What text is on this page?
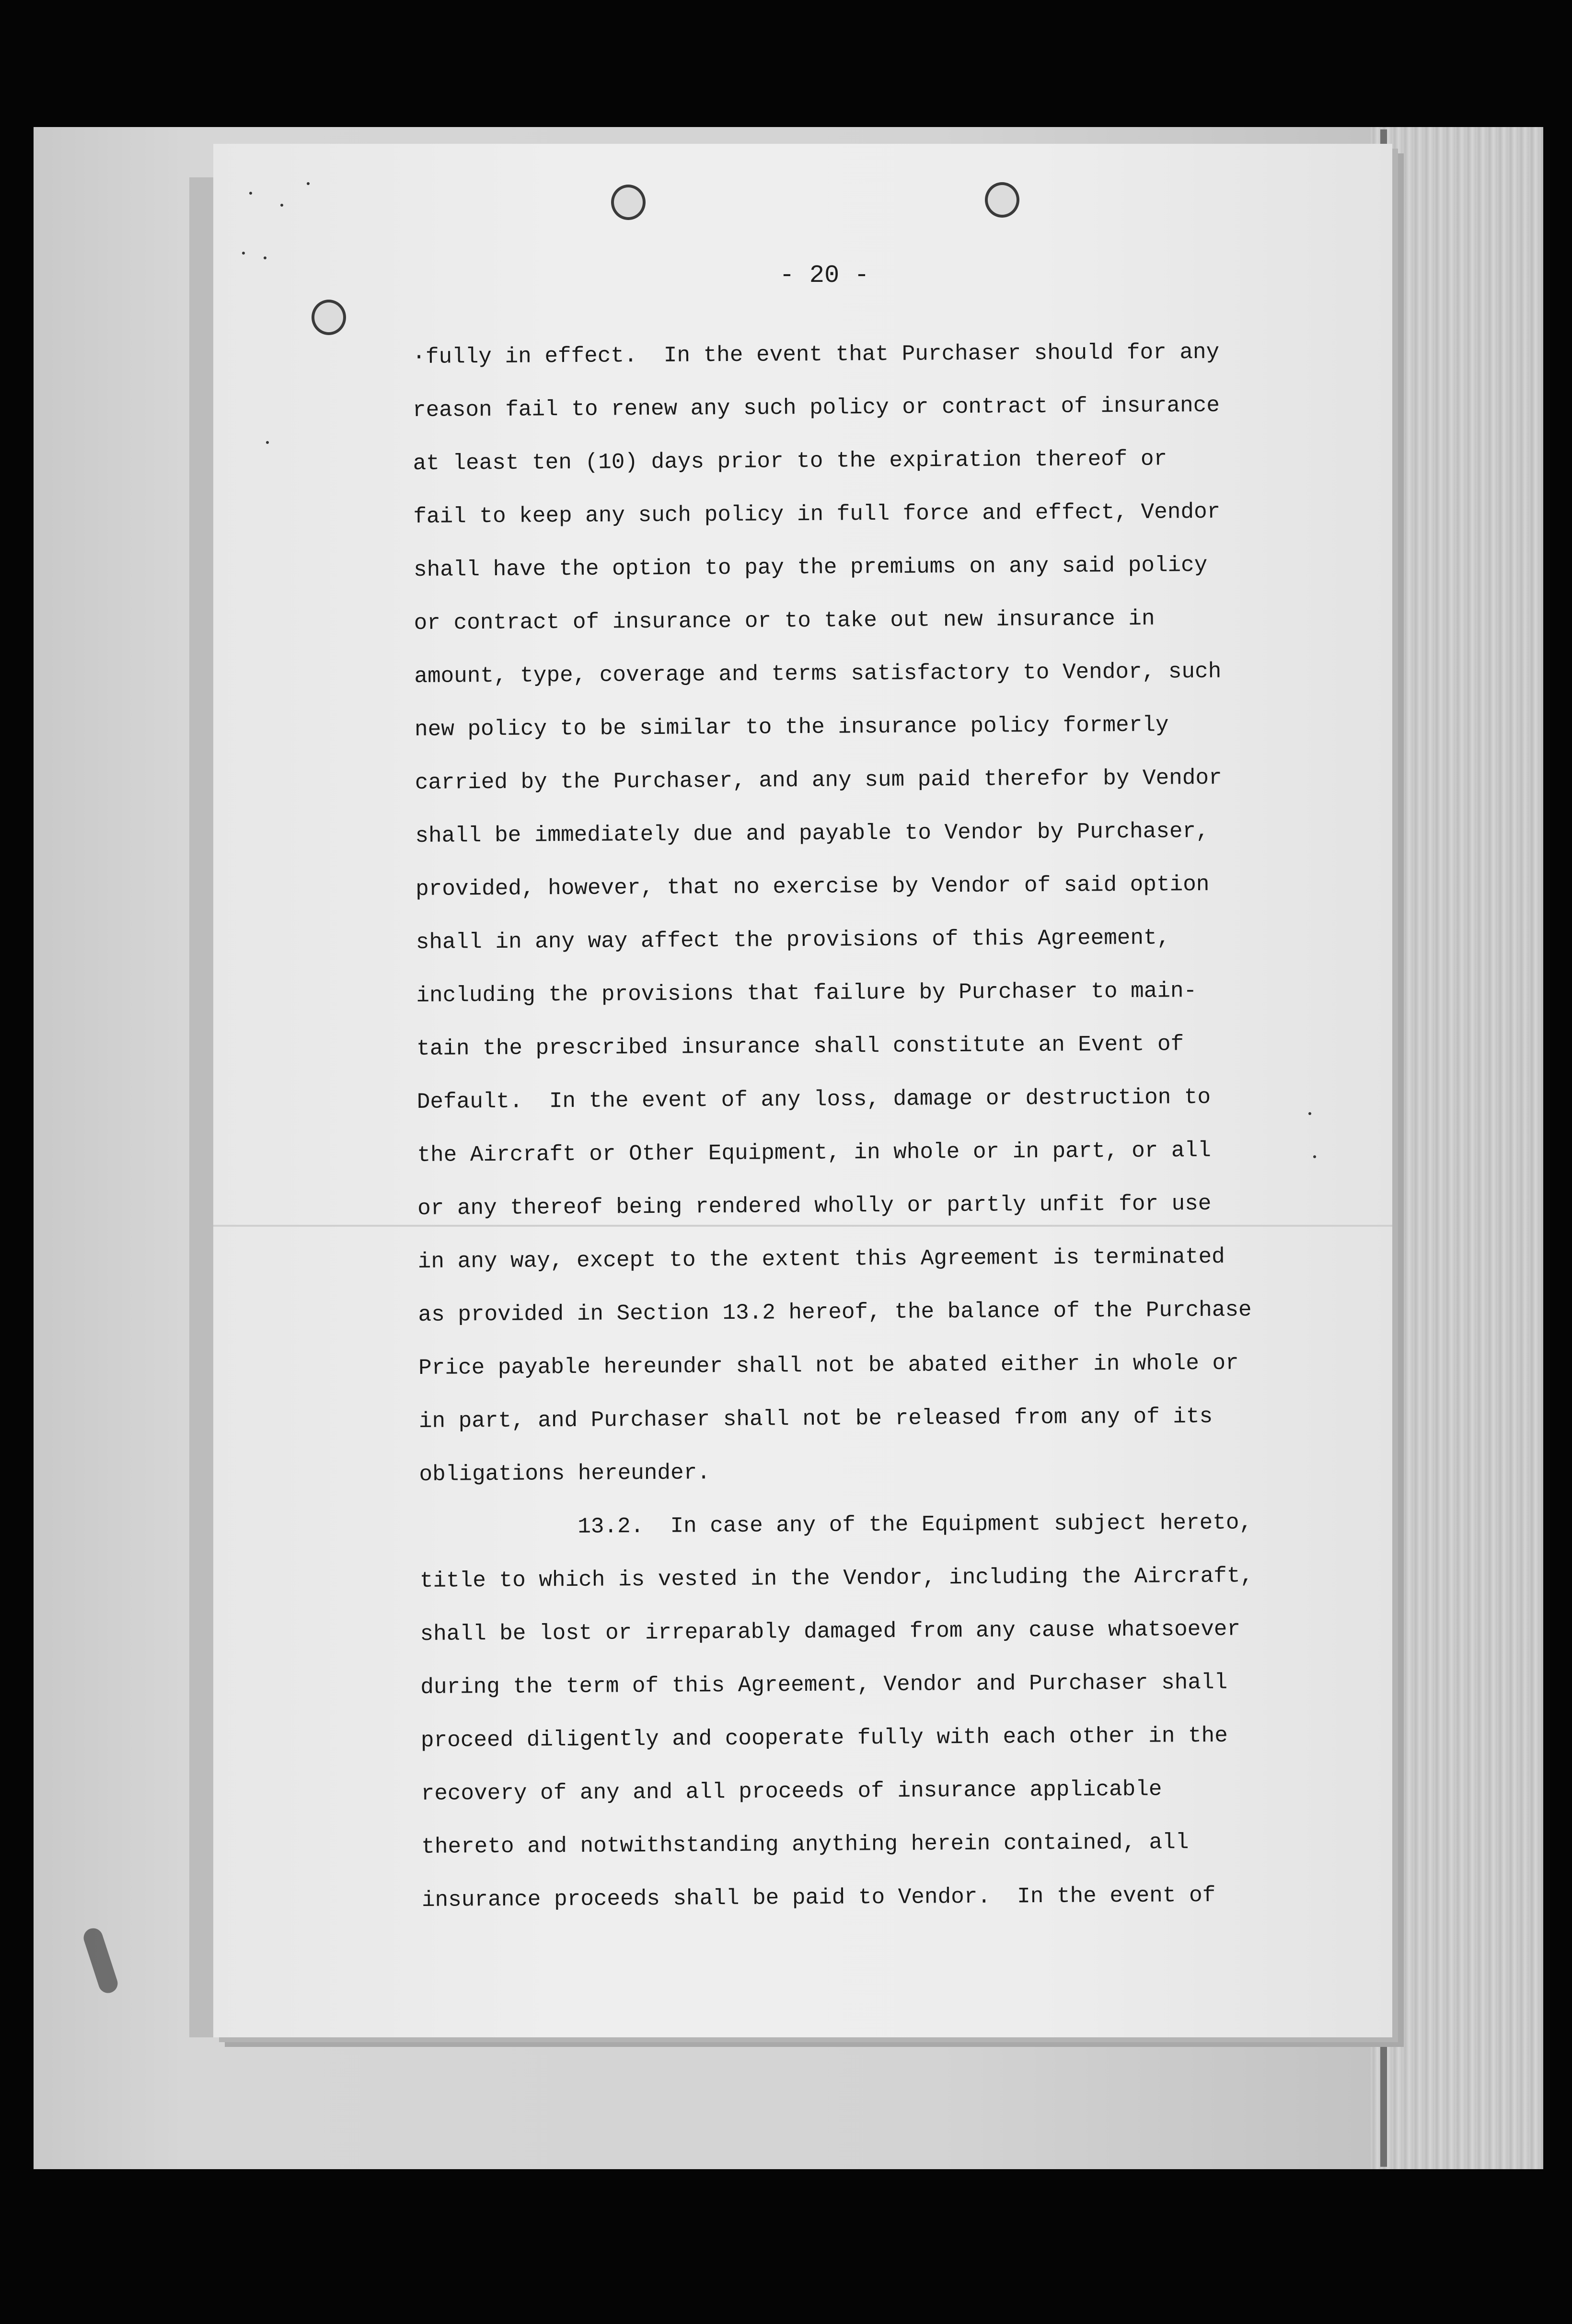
- 20 -
·fully in effect.  In the event that Purchaser should for any
reason fail to renew any such policy or contract of insurance
at least ten (10) days prior to the expiration thereof or
fail to keep any such policy in full force and effect, Vendor
shall have the option to pay the premiums on any said policy
or contract of insurance or to take out new insurance in
amount, type, coverage and terms satisfactory to Vendor, such
new policy to be similar to the insurance policy formerly
carried by the Purchaser, and any sum paid therefor by Vendor
shall be immediately due and payable to Vendor by Purchaser,
provided, however, that no exercise by Vendor of said option
shall in any way affect the provisions of this Agreement,
including the provisions that failure by Purchaser to main-
tain the prescribed insurance shall constitute an Event of
Default.  In the event of any loss, damage or destruction to
the Aircraft or Other Equipment, in whole or in part, or all
or any thereof being rendered wholly or partly unfit for use
in any way, except to the extent this Agreement is terminated
as provided in Section 13.2 hereof, the balance of the Purchase
Price payable hereunder shall not be abated either in whole or
in part, and Purchaser shall not be released from any of its
obligations hereunder.
13.2. In case any of the Equipment subject hereto,
title to which is vested in the Vendor, including the Aircraft,
shall be lost or irreparably damaged from any cause whatsoever
during the term of this Agreement, Vendor and Purchaser shall
proceed diligently and cooperate fully with each other in the
recovery of any and all proceeds of insurance applicable
thereto and notwithstanding anything herein contained, all
insurance proceeds shall be paid to Vendor.  In the event of
